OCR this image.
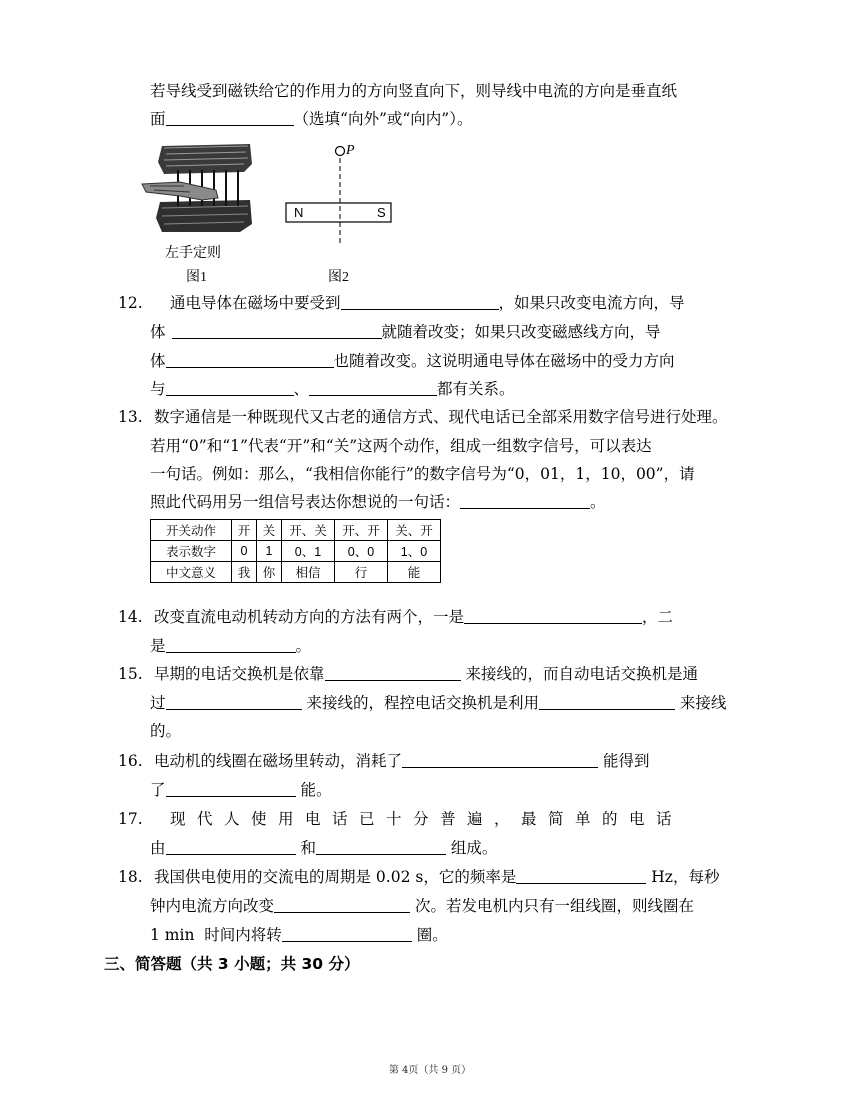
若导线受到磁铁给它的作用力的方向竖直向下，则导线中电流的方向是垂直纸
面	（选填“向外”或“向内”）。
左手定则
图1
P
N	S
图2
12. 通电导体在磁场中要受到	，如果只改变电流方向，导
体	就随着改变；如果只改变磁感线方向，导
体	也随着改变。这说明通电导体在磁场中的受力方向
与	、	都有关系。
13. 数字通信是一种既现代又古老的通信方式、现代电话已全部采用数字信号进行处理。
若用“0”和“1”代表“开”和“关”这两个动作，组成一组数字信号，可以表达
一句话。例如：那么，“我相信你能行”的数字信号为“0，01，1，10，00”，请
照此代码用另一组信号表达你想说的一句话：	。
开关动作	开	关	开、关	开、开	关、开
表示数字	0	1	0、1	0、0	1、0
中文意义	我	你	相信	行	能
14. 改变直流电动机转动方向的方法有两个，一是	，二
是	。
15. 早期的电话交换机是依靠	来接线的，而自动电话交换机是通
过	来接线的，程控电话交换机是利用	来接线
的。
16. 电动机的线圈在磁场里转动，消耗了	能得到
了	能。
17. 现代人使用电话已十分普遍，最简单的电话
由	和	组成。
18. 我国供电使用的交流电的周期是 0.02 s，它的频率是	Hz，每秒
钟内电流方向改变	次。若发电机内只有一组线圈，则线圈在
1 min  时间内将转	圈。
三、简答题（共 3 小题；共 30 分）
第 4页（共 9 页）
